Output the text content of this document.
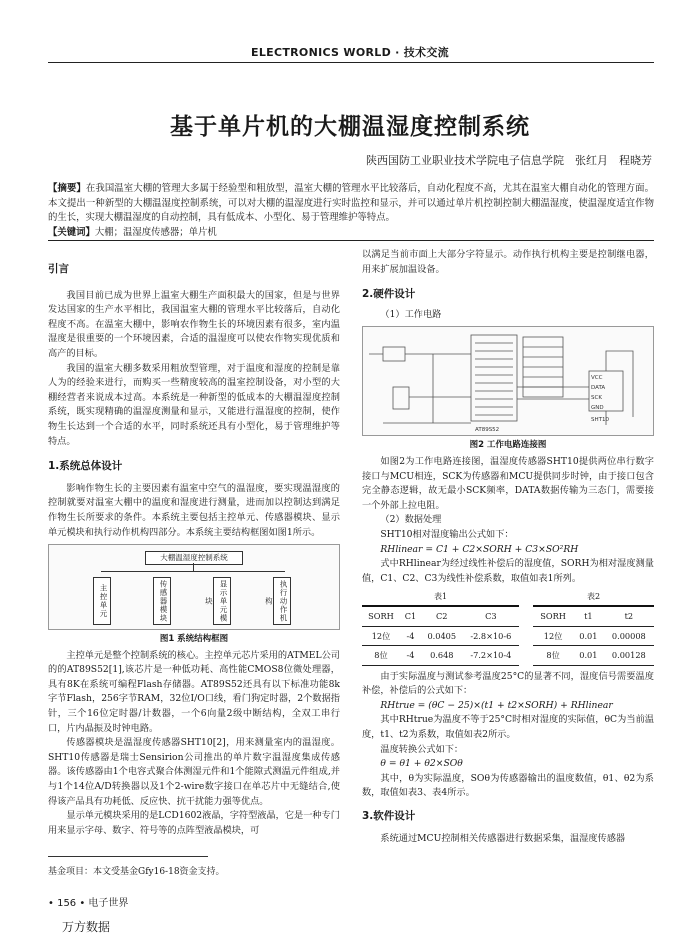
ELECTRONICS WORLD · 技术交流
基于单片机的大棚温湿度控制系统
陕西国防工业职业技术学院电子信息学院　张红月　程晓芳
【摘要】在我国温室大棚的管理大多属于经验型和粗放型，温室大棚的管理水平比较落后，自动化程度不高，尤其在温室大棚自动化的管理方面。本文提出一种新型的大棚温湿度控制系统，可以对大棚的温湿度进行实时监控和显示，并可以通过单片机控制控制大棚温湿度，使温湿度适宜作物的生长，实现大棚温湿度的自动控制，具有低成本、小型化、易于管理维护等特点。
【关键词】大棚；温湿度传感器；单片机
引言

我国目前已成为世界上温室大棚生产面积最大的国家，但是与世界发达国家的生产水平相比，我国温室大棚的管理水平比较落后，自动化程度不高。在温室大棚中，影响农作物生长的环境因素有很多，室内温湿度是很重要的一个环境因素，合适的温湿度可以使农作物实现优质和高产的目标。

我国的温室大棚多数采用粗放型管理，对于温度和湿度的控制是靠人为的经验来进行，而购买一些精度较高的温室控制设备，对小型的大棚经营者来说成本过高。本系统是一种新型的低成本的大棚温湿度控制系统，既实现精确的温湿度测量和显示，又能进行温湿度的控制，使作物生长达到一个合适的水平，同时系统还具有小型化，易于管理维护等特点。

1.系统总体设计

影响作物生长的主要因素有温室中空气的温湿度，要实现温湿度的控制就要对温室大棚中的温度和湿度进行测量，进而加以控制达到满足作物生长所要求的条件。本系统主要包括主控单元、传感器模块、显示单元模块和执行动作机构四部分。本系统主要结构框图如图1所示。

大棚温湿度控制系统
主控单元	传感器模块	显示单元模块	执行动作机构
图1 系统结构框图

主控单元是整个控制系统的核心。主控单元芯片采用的ATMEL公司的的AT89S52[1],该芯片是一种低功耗、高性能CMOS8位微处理器，具有8K在系统可编程Flash存储器。AT89S52还具有以下标准功能8k字节Flash，256字节RAM，32位I/O口线，看门狗定时器，2个数据指针，三个16位定时器/计数器，一个6向量2级中断结构，全双工串行口，片内晶振及时钟电路。

传感器模块是温湿度传感器SHT10[2]，用来测量室内的温湿度。SHT10传感器是瑞士Sensirion公司推出的单片数字温湿度集成传感器。该传感器由1个电容式聚合体测湿元件和1个能隙式测温元件组成,并与1个14位A/D转换器以及1个2-wire数字接口在单芯片中无缝结合,使得该产品具有功耗低、反应快、抗干扰能力强等优点。

显示单元模块采用的是LCD1602液晶，字符型液晶，它是一种专门用来显示字母、数字、符号等的点阵型液晶模块，可

以满足当前市面上大部分字符显示。动作执行机构主要是控制继电器，用来扩展加温设备。

2.硬件设计

（1）工作电路

AT89S52
VCC
DATA
SCK
GND
SHT10
图2 工作电路连接图

如图2为工作电路连接图，温湿度传感器SHT10提供两位串行数字接口与MCU相连，SCK为传感器和MCU提供同步时钟，由于接口包含完全静态逻辑，故无最小SCK频率，DATA数据传输为三态门，需要接一个外部上拉电阻。

（2）数据处理

SHT10相对湿度输出公式如下：

RHlinear = C1 + C2×SORH + C3×SO²RH

式中RHlinear为经过线性补偿后的湿度值，SORH为相对湿度测量值，C1、C2、C3为线性补偿系数，取值如表1所列。

表1
SORH	C1	C2	C3
12位	-4	0.0405	-2.8×10-6
8位	-4	0.648	-7.2×10-4
表2
SORH	t1	t2
12位	0.01	0.00008
8位	0.01	0.00128

由于实际温度与测试参考温度25°C的显著不同，湿度信号需要温度补偿，补偿后的公式如下：

RHtrue = (θC − 25)×(t1 + t2×SORH) + RHlinear

其中RHtrue为温度不等于25°C时相对湿度的实际值，θC为当前温度，t1、t2为系数，取值如表2所示。

温度转换公式如下：

θ = θ1 + θ2×SOθ

其中，θ为实际温度，SOθ为传感器输出的温度数值，θ1、θ2为系数，取值如表3、表4所示。

3.软件设计

系统通过MCU控制相关传感器进行数据采集，温湿度传感器

基金项目：本文受基金Gfy16-18资金支持。
• 156 • 电子世界
万方数据
